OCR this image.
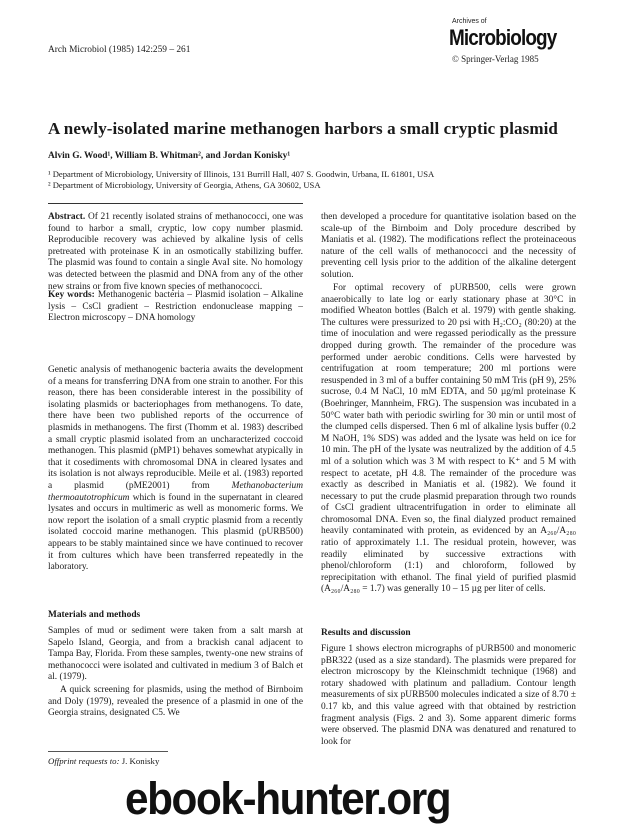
Archives of
Microbiology
© Springer-Verlag 1985
Arch Microbiol (1985) 142:259 – 261
A newly-isolated marine methanogen harbors a small cryptic plasmid
Alvin G. Wood¹, William B. Whitman², and Jordan Konisky¹
¹ Department of Microbiology, University of Illinois, 131 Burrill Hall, 407 S. Goodwin, Urbana, IL 61801, USA
² Department of Microbiology, University of Georgia, Athens, GA 30602, USA
Abstract. Of 21 recently isolated strains of methanococci, one was found to harbor a small, cryptic, low copy number plasmid. Reproducible recovery was achieved by alkaline lysis of cells pretreated with proteinase K in an osmotically stabilizing buffer. The plasmid was found to contain a single AvaI site. No homology was detected between the plasmid and DNA from any of the other new strains or from five known species of methanococci.
Key words: Methanogenic bacteria – Plasmid isolation – Alkaline lysis – CsCl gradient – Restriction endonuclease mapping – Electron microscopy – DNA homology
Genetic analysis of methanogenic bacteria awaits the development of a means for transferring DNA from one strain to another. For this reason, there has been considerable interest in the possibility of isolating plasmids or bacteriophages from methanogens. To date, there have been two published reports of the occurrence of plasmids in methanogens. The first (Thomm et al. 1983) described a small cryptic plasmid isolated from an uncharacterized coccoid methanogen. This plasmid (pMP1) behaves somewhat atypically in that it cosediments with chromosomal DNA in cleared lysates and its isolation is not always reproducible. Meile et al. (1983) reported a plasmid (pME2001) from Methanobacterium thermoautotrophicum which is found in the supernatant in cleared lysates and occurs in multimeric as well as monomeric forms. We now report the isolation of a small cryptic plasmid from a recently isolated coccoid marine methanogen. This plasmid (pURB500) appears to be stably maintained since we have continued to recover it from cultures which have been transferred repeatedly in the laboratory.
Materials and methods
Samples of mud or sediment were taken from a salt marsh at Sapelo Island, Georgia, and from a brackish canal adjacent to Tampa Bay, Florida. From these samples, twenty-one new strains of methanococci were isolated and cultivated in medium 3 of Balch et al. (1979).
A quick screening for plasmids, using the method of Birnboim and Doly (1979), revealed the presence of a plasmid in one of the Georgia strains, designated C5. We
Offprint requests to: J. Konisky
then developed a procedure for quantitative isolation based on the scale-up of the Birnboim and Doly procedure described by Maniatis et al. (1982). The modifications reflect the proteinaceous nature of the cell walls of methanococci and the necessity of preventing cell lysis prior to the addition of the alkaline detergent solution.
For optimal recovery of pURB500, cells were grown anaerobically to late log or early stationary phase at 30°C in modified Wheaton bottles (Balch et al. 1979) with gentle shaking. The cultures were pressurized to 20 psi with H₂:CO₂ (80:20) at the time of inoculation and were regassed periodically as the pressure dropped during growth. The remainder of the procedure was performed under aerobic conditions. Cells were harvested by centrifugation at room temperature; 200 ml portions were resuspended in 3 ml of a buffer containing 50 mM Tris (pH 9), 25% sucrose, 0.4 M NaCl, 10 mM EDTA, and 50 µg/ml proteinase K (Boehringer, Mannheim, FRG). The suspension was incubated in a 50°C water bath with periodic swirling for 30 min or until most of the clumped cells dispersed. Then 6 ml of alkaline lysis buffer (0.2 M NaOH, 1% SDS) was added and the lysate was held on ice for 10 min. The pH of the lysate was neutralized by the addition of 4.5 ml of a solution which was 3 M with respect to K⁺ and 5 M with respect to acetate, pH 4.8. The remainder of the procedure was exactly as described in Maniatis et al. (1982). We found it necessary to put the crude plasmid preparation through two rounds of CsCl gradient ultracentrifugation in order to eliminate all chromosomal DNA. Even so, the final dialyzed product remained heavily contaminated with protein, as evidenced by an A₂₆₀/A₂₈₀ ratio of approximately 1.1. The residual protein, however, was readily eliminated by successive extractions with phenol/chloroform (1:1) and chloroform, followed by reprecipitation with ethanol. The final yield of purified plasmid (A₂₆₀/A₂₈₀ = 1.7) was generally 10 – 15 µg per liter of cells.
Results and discussion
Figure 1 shows electron micrographs of pURB500 and monomeric pBR322 (used as a size standard). The plasmids were prepared for electron microscopy by the Kleinschmidt technique (1968) and rotary shadowed with platinum and palladium. Contour length measurements of six pURB500 molecules indicated a size of 8.70 ± 0.17 kb, and this value agreed with that obtained by restriction fragment analysis (Figs. 2 and 3). Some apparent dimeric forms were observed. The plasmid DNA was denatured and renatured to look for
ebook-hunter.org
